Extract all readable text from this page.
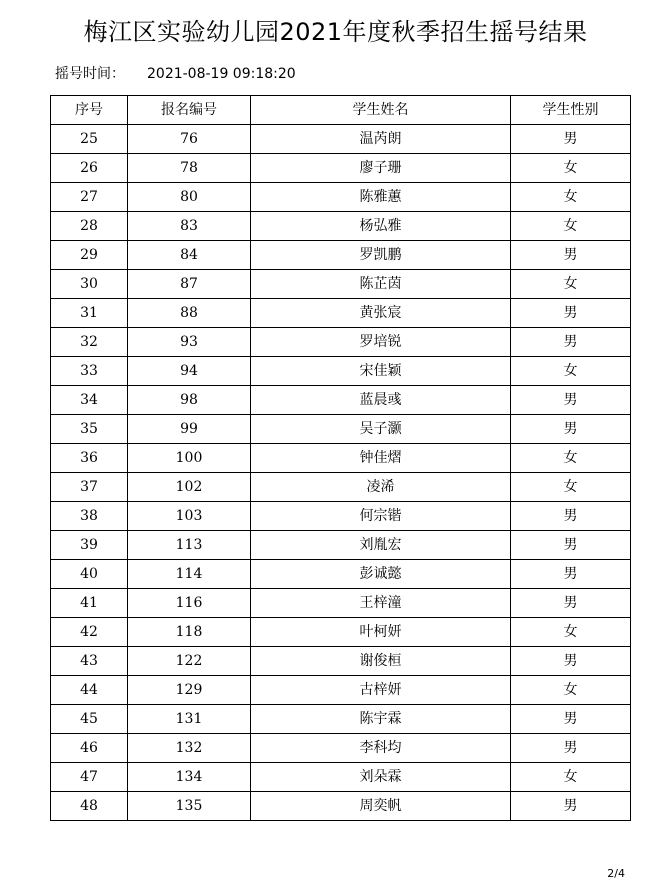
梅江区实验幼儿园2021年度秋季招生摇号结果
摇号时间： 2021-08-19 09:18:20
序号	报名编号	学生姓名	学生性别
25	76	温芮朗	男
26	78	廖子珊	女
27	80	陈雅蕙	女
28	83	杨弘雅	女
29	84	罗凯鹏	男
30	87	陈芷茵	女
31	88	黄张宸	男
32	93	罗培锐	男
33	94	宋佳颖	女
34	98	蓝晨彧	男
35	99	吴子灏	男
36	100	钟佳熠	女
37	102	凌浠	女
38	103	何宗锴	男
39	113	刘胤宏	男
40	114	彭诚懿	男
41	116	王梓潼	男
42	118	叶柯妍	女
43	122	谢俊桓	男
44	129	古梓妍	女
45	131	陈宇霖	男
46	132	李科均	男
47	134	刘朵霖	女
48	135	周奕帆	男
2/4
